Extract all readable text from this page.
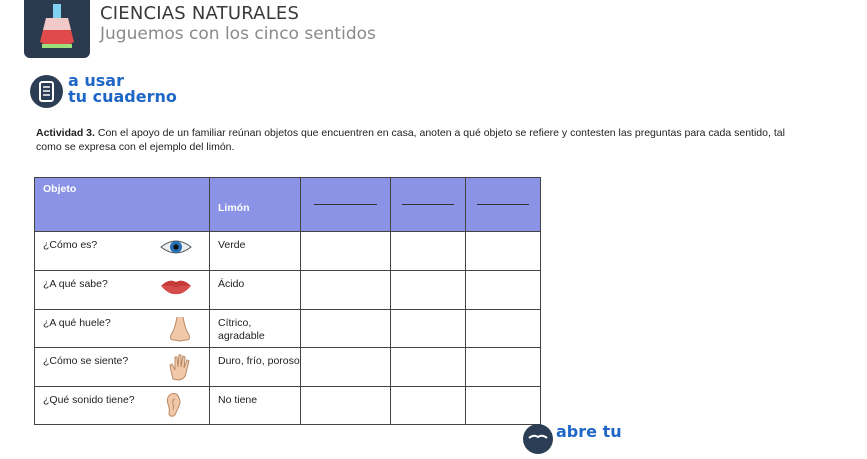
CIENCIAS NATURALES
Juguemos con los cinco sentidos
a usar
tu cuaderno
Actividad 3. Con el apoyo de un familiar reúnan objetos que encuentren en casa, anoten a qué objeto se refiere y contesten las preguntas para cada sentido, tal como se expresa con el ejemplo del limón.
Objeto	Limón	

¿Cómo es?	Verde			
¿A qué sabe?	Ácido			
¿A qué huele?	Cítrico, agradable			
¿Cómo se siente?	Duro, frío, poroso			
¿Qué sonido tiene?	No tiene			
abre tu
